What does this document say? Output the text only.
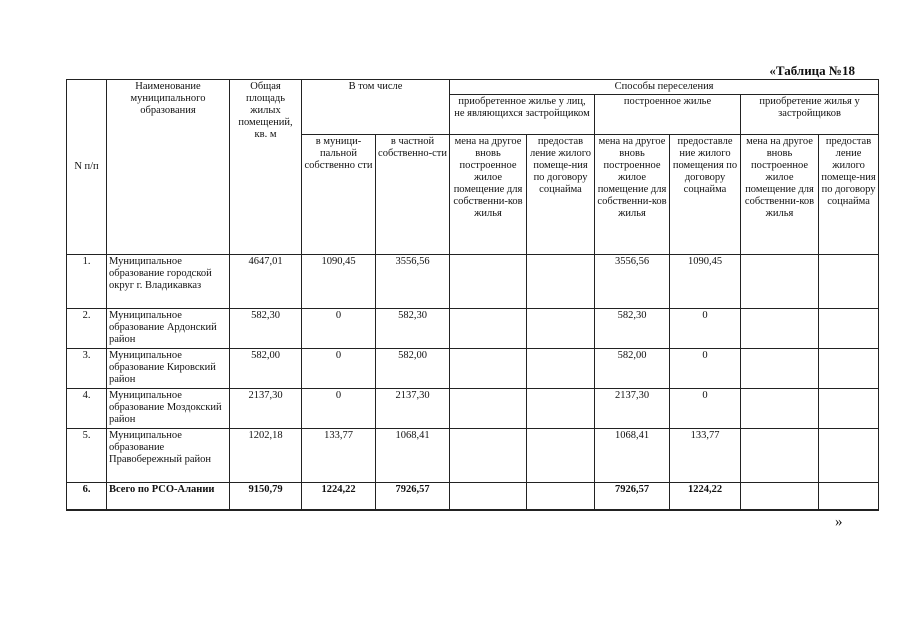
«Таблица №18
N п/п	Наименование муниципального образования	Общая площадь жилых помещений, кв. м	В том числе		Способы переселения					
					приобретенное жилье у лиц, не являющихся застройщиком		построенное жилье		приобретение жилья у застройщиков	
			в муници-пальной собственно сти	в частной собственно-сти	мена на другое вновь построенное жилое помещение для собственни-ков жилья	предостав ление жилого помеще-ния по договору соцнайма	мена на другое вновь построенное жилое помещение для собственни-ков жилья	предоставле ние жилого помещения по договору соцнайма	мена на другое вновь построенное жилое помещение для собственни-ков жилья	предостав ление жилого помеще-ния по договору соцнайма
1.	Муниципальное образование городской округ г. Владикавказ	4647,01	1090,45	3556,56			3556,56	1090,45		
2.	Муниципальное образование Ардонский район	582,30	0	582,30			582,30	0		
3.	Муниципальное образование Кировский район	582,00	0	582,00			582,00	0		
4.	Муниципальное образование Моздокский район	2137,30	0	2137,30			2137,30	0		
5.	Муниципальное образование Правобережный район	1202,18	133,77	1068,41			1068,41	133,77		
6.	Всего по РСО-Алании	9150,79	1224,22	7926,57			7926,57	1224,22		
»
